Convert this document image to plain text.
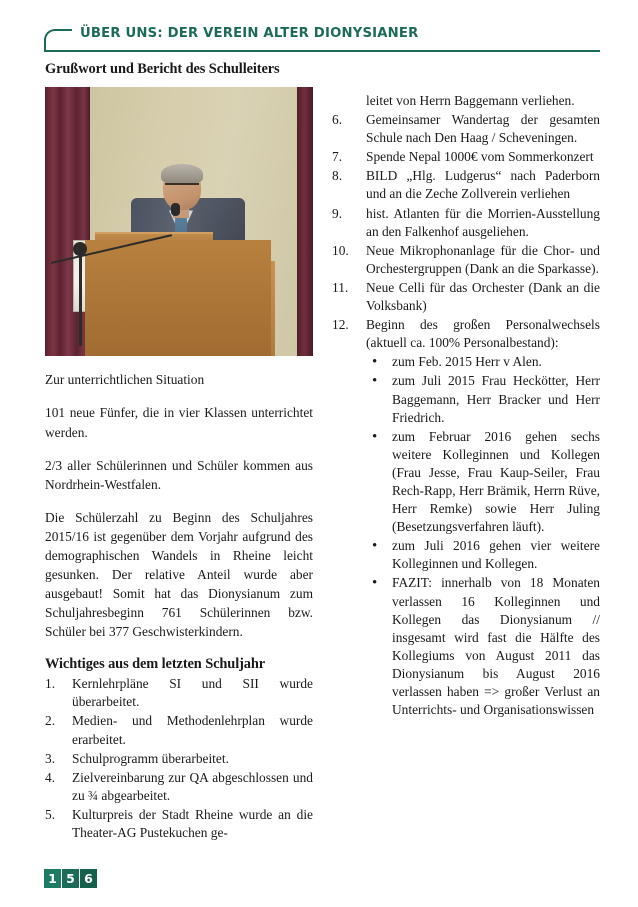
ÜBER UNS: DER VEREIN ALTER DIONYSIANER
Grußwort und Bericht des Schulleiters

Zur unterrichtlichen Situation

101 neue Fünfer, die in vier Klassen unterrichtet werden.

2/3 aller Schülerinnen und Schüler kommen aus Nordrhein-Westfalen.

Die Schülerzahl zu Beginn des Schuljahres 2015/16 ist gegenüber dem Vorjahr aufgrund des demographischen Wandels in Rheine leicht gesunken. Der relative Anteil wurde aber ausgebaut! Somit hat das Dionysianum zum Schuljahresbeginn 761 Schülerinnen bzw. Schüler bei 377 Geschwisterkindern.

Wichtiges aus dem letzten Schuljahr
1.	Kernlehrpläne SI und SII wurde überarbeitet.
2.	Medien- und Methodenlehrplan wurde erarbeitet.
3.	Schulprogramm überarbeitet.
4.	Zielvereinbarung zur QA abgeschlossen und zu ¾ abgearbeitet.
5.	Kulturpreis der Stadt Rheine wurde an die Theater-AG Pustekuchen ge-
leitet von Herrn Baggemann verliehen.
6.	Gemeinsamer Wandertag der gesamten Schule nach Den Haag / Scheveningen.
7.	Spende Nepal 1000€ vom Sommerkonzert
8.	BILD „Hlg. Ludgerus“ nach Paderborn und an die Zeche Zollverein verliehen
9.	hist. Atlanten für die Morrien-Ausstellung an den Falkenhof ausgeliehen.
10.	Neue Mikrophonanlage für die Chor- und Orchestergruppen (Dank an die Sparkasse).
11.	Neue Celli für das Orchester (Dank an die Volksbank)
12.	Beginn des großen Personalwechsels (aktuell ca. 100% Personalbestand):
• zum Feb. 2015 Herr v Alen.
• zum Juli 2015 Frau Heckötter, Herr Baggemann, Herr Bracker und Herr Friedrich.
• zum Februar 2016 gehen sechs weitere Kolleginnen und Kollegen (Frau Jesse, Frau Kaup-Seiler, Frau Rech-Rapp, Herr Brämik, Herrn Rüve, Herr Remke) sowie Herr Juling (Besetzungsverfahren läuft).
• zum Juli 2016 gehen vier weitere Kolleginnen und Kollegen.
• FAZIT: innerhalb von 18 Monaten verlassen 16 Kolleginnen und Kollegen das Dionysianum // insgesamt wird fast die Hälfte des Kollegiums von August 2011 das Dionysianum bis August 2016 verlassen haben => großer Verlust an Unterrichts- und Organisationswissen
1 5 6
